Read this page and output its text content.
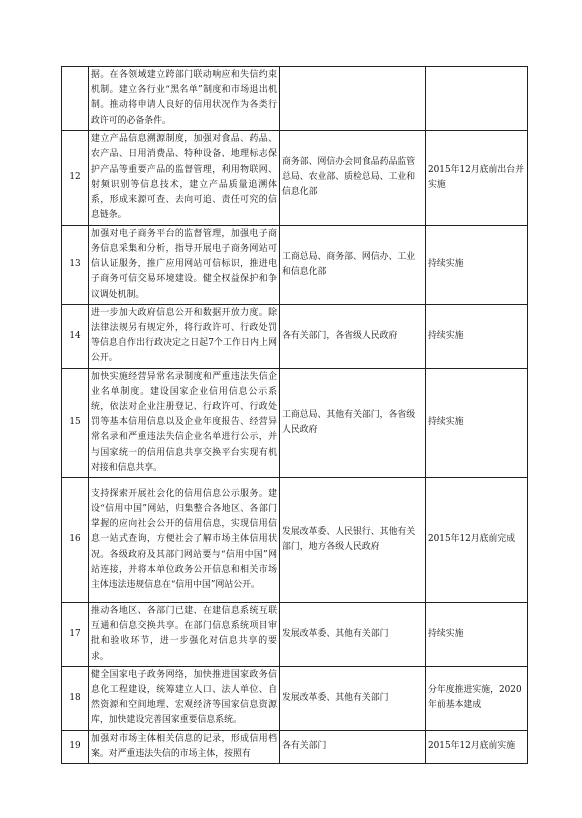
	据。在各领域建立跨部门联动响应和失信约束机制。建立各行业“黑名单”制度和市场退出机制。推动将申请人良好的信用状况作为各类行政许可的必备条件。		
12	建立产品信息溯源制度，加强对食品、药品、农产品、日用消费品、特种设备、地理标志保护产品等重要产品的监督管理，利用物联网、射频识别等信息技术，建立产品质量追溯体系，形成来源可查、去向可追、责任可究的信息链条。	商务部、网信办会同食品药品监管总局、农业部、质检总局、工业和信息化部	2015年12月底前出台并实施
13	加强对电子商务平台的监督管理，加强电子商务信息采集和分析，指导开展电子商务网站可信认证服务，推广应用网站可信标识，推进电子商务可信交易环境建设。健全权益保护和争议调处机制。	工商总局、商务部、网信办、工业和信息化部	持续实施
14	进一步加大政府信息公开和数据开放力度。除法律法规另有规定外，将行政许可、行政处罚等信息自作出行政决定之日起7个工作日内上网公开。	各有关部门，各省级人民政府	持续实施
15	加快实施经营异常名录制度和严重违法失信企业名单制度。建设国家企业信用信息公示系统，依法对企业注册登记、行政许可、行政处罚等基本信用信息以及企业年度报告、经营异常名录和严重违法失信企业名单进行公示，并与国家统一的信用信息共享交换平台实现有机对接和信息共享。	工商总局、其他有关部门，各省级人民政府	持续实施
16	支持探索开展社会化的信用信息公示服务。建设“信用中国”网站，归集整合各地区、各部门掌握的应向社会公开的信用信息，实现信用信息一站式查询，方便社会了解市场主体信用状况。各级政府及其部门网站要与“信用中国”网站连接，并将本单位政务公开信息和相关市场主体违法违规信息在“信用中国”网站公开。	发展改革委、人民银行、其他有关部门，地方各级人民政府	2015年12月底前完成
17	推动各地区、各部门已建、在建信息系统互联互通和信息交换共享。在部门信息系统项目审批和验收环节，进一步强化对信息共享的要求。	发展改革委、其他有关部门	持续实施
18	健全国家电子政务网络，加快推进国家政务信息化工程建设，统筹建立人口、法人单位、自然资源和空间地理、宏观经济等国家信息资源库，加快建设完善国家重要信息系统。	发展改革委、其他有关部门	分年度推进实施，2020年前基本建成
19	加强对市场主体相关信息的记录，形成信用档案。对严重违法失信的市场主体，按照有	各有关部门	2015年12月底前实施
